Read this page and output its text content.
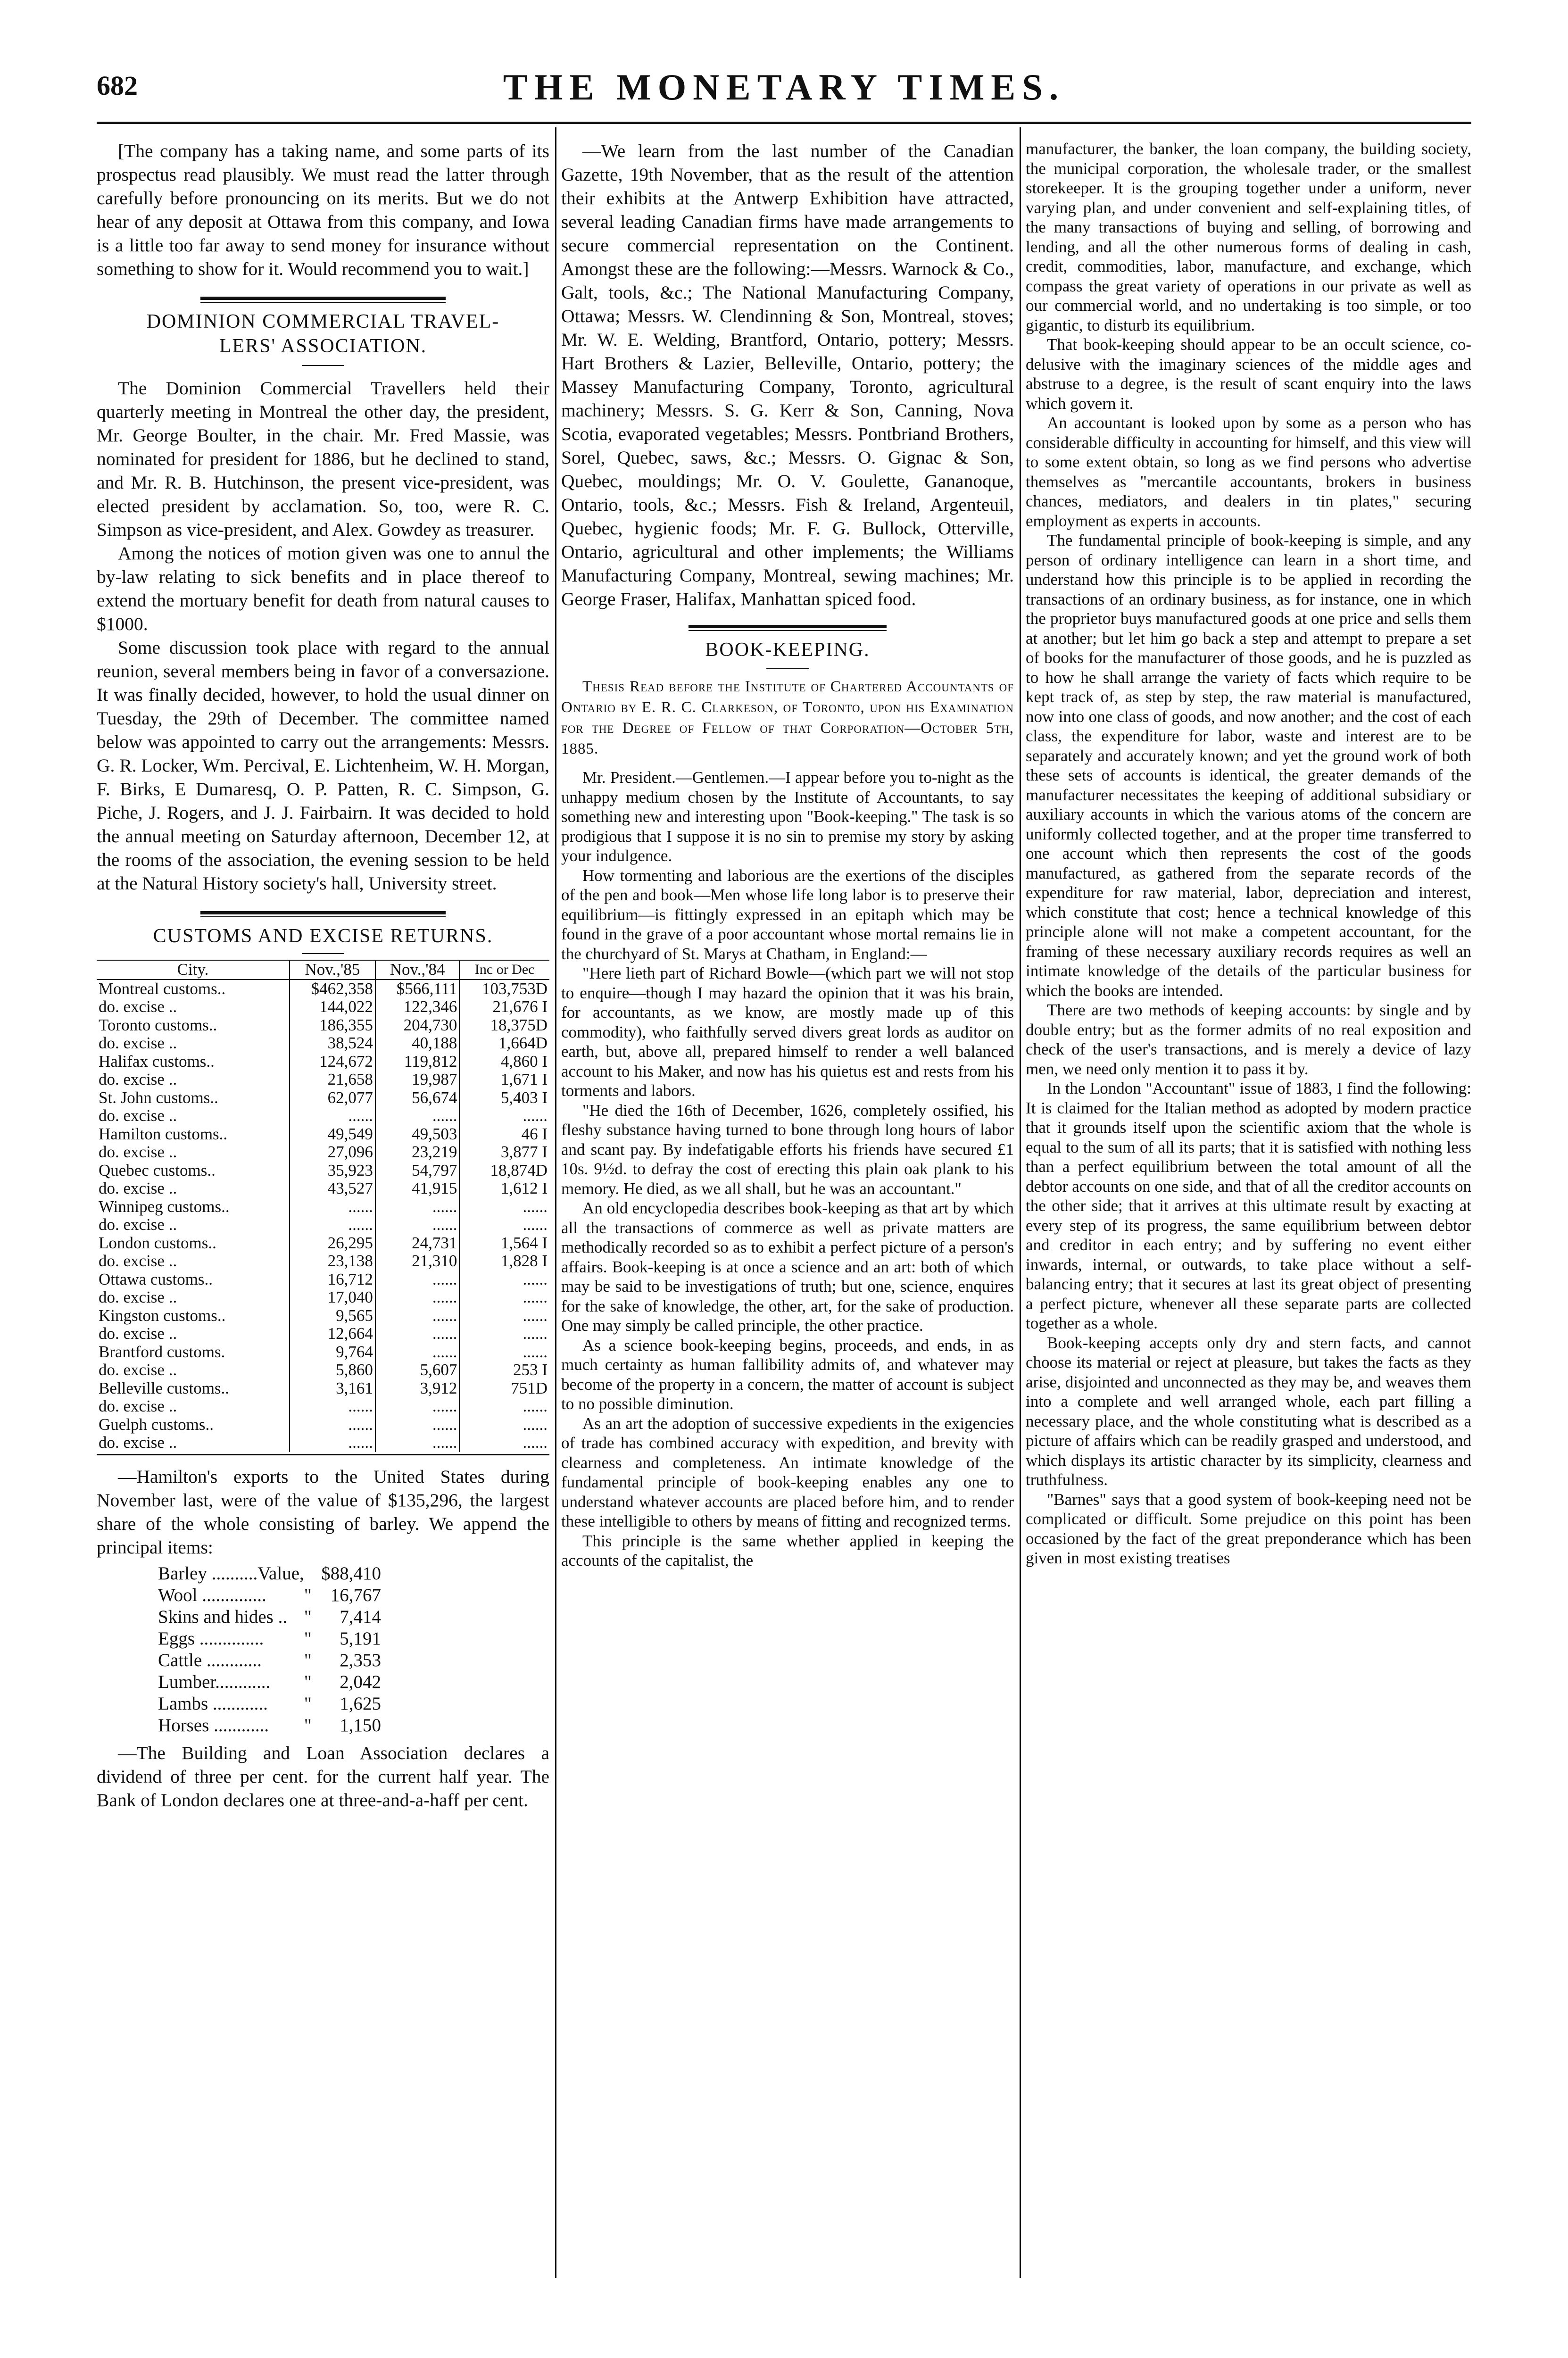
682	THE MONETARY TIMES.

[The company has a taking name, and some parts of its prospectus read plausibly. We must read the latter through carefully before pronouncing on its merits. But we do not hear of any deposit at Ottawa from this company, and Iowa is a little too far away to send money for insurance without something to show for it. Would recommend you to wait.]

DOMINION COMMERCIAL TRAVEL-
LERS' ASSOCIATION.

The Dominion Commercial Travellers held their quarterly meeting in Montreal the other day, the president, Mr. George Boulter, in the chair. Mr. Fred Massie, was nominated for president for 1886, but he declined to stand, and Mr. R. B. Hutchinson, the present vice-president, was elected president by acclamation. So, too, were R. C. Simpson as vice-president, and Alex. Gowdey as treasurer.

Among the notices of motion given was one to annul the by-law relating to sick benefits and in place thereof to extend the mortuary benefit for death from natural causes to $1000.

Some discussion took place with regard to the annual reunion, several members being in favor of a conversazione. It was finally decided, however, to hold the usual dinner on Tuesday, the 29th of December. The committee named below was appointed to carry out the arrangements: Messrs. G. R. Locker, Wm. Percival, E. Lichtenheim, W. H. Morgan, F. Birks, E Dumaresq, O. P. Patten, R. C. Simpson, G. Piche, J. Rogers, and J. J. Fairbairn. It was decided to hold the annual meeting on Saturday afternoon, December 12, at the rooms of the association, the evening session to be held at the Natural History society's hall, University street.

CUSTOMS AND EXCISE RETURNS.
City.	Nov.,'85	Nov.,'84	Inc or Dec
Montreal customs..	$462,358	$566,111	103,753D
do. excise ..	144,022	122,346	21,676 I
Toronto customs..	186,355	204,730	18,375D
do. excise ..	38,524	40,188	1,664D
Halifax customs..	124,672	119,812	4,860 I
do. excise ..	21,658	19,987	1,671 I
St. John customs..	62,077	56,674	5,403 I
do. excise ..	......	......	......
Hamilton customs..	49,549	49,503	46 I
do. excise ..	27,096	23,219	3,877 I
Quebec customs..	35,923	54,797	18,874D
do. excise ..	43,527	41,915	1,612 I
Winnipeg customs..	......	......	......
do. excise ..	......	......	......
London customs..	26,295	24,731	1,564 I
do. excise ..	23,138	21,310	1,828 I
Ottawa customs..	16,712	......	......
do. excise ..	17,040	......	......
Kingston customs..	9,565	......	......
do. excise ..	12,664	......	......
Brantford customs.	9,764	......	......
do. excise ..	5,860	5,607	253 I
Belleville customs..	3,161	3,912	751D
do. excise ..	......	......	......
Guelph customs..	......	......	......
do. excise ..	......	......	......

—Hamilton's exports to the United States during November last, were of the value of $135,296, the largest share of the whole consisting of barley. We append the principal items:

Barley ..........Value,	$88,410	
Wool ..............	"	16,767
Skins and hides ..	"	7,414
Eggs ..............	"	5,191
Cattle ............	"	2,353
Lumber............	"	2,042
Lambs ............	"	1,625
Horses ............	"	1,150

—The Building and Loan Association declares a dividend of three per cent. for the current half year. The Bank of London declares one at three-and-a-haff per cent.

—We learn from the last number of the Canadian Gazette, 19th November, that as the result of the attention their exhibits at the Antwerp Exhibition have attracted, several leading Canadian firms have made arrangements to secure commercial representation on the Continent. Amongst these are the following:—Messrs. Warnock & Co., Galt, tools, &c.; The National Manufacturing Company, Ottawa; Messrs. W. Clendinning & Son, Montreal, stoves; Mr. W. E. Welding, Brantford, Ontario, pottery; Messrs. Hart Brothers & Lazier, Belleville, Ontario, pottery; the Massey Manufacturing Company, Toronto, agricultural machinery; Messrs. S. G. Kerr & Son, Canning, Nova Scotia, evaporated vegetables; Messrs. Pontbriand Brothers, Sorel, Quebec, saws, &c.; Messrs. O. Gignac & Son, Quebec, mouldings; Mr. O. V. Goulette, Gananoque, Ontario, tools, &c.; Messrs. Fish & Ireland, Argenteuil, Quebec, hygienic foods; Mr. F. G. Bullock, Otterville, Ontario, agricultural and other implements; the Williams Manufacturing Company, Montreal, sewing machines; Mr. George Fraser, Halifax, Manhattan spiced food.

BOOK-KEEPING.

Thesis Read before the Institute of Chartered Accountants of Ontario by E. R. C. Clarkeson, of Toronto, upon his Examination for the Degree of Fellow of that Corporation—October 5th, 1885.

Mr. President.—Gentlemen.—I appear before you to-night as the unhappy medium chosen by the Institute of Accountants, to say something new and interesting upon "Book-keeping." The task is so prodigious that I suppose it is no sin to premise my story by asking your indulgence.

How tormenting and laborious are the exertions of the disciples of the pen and book—Men whose life long labor is to preserve their equilibrium—is fittingly expressed in an epitaph which may be found in the grave of a poor accountant whose mortal remains lie in the churchyard of St. Marys at Chatham, in England:—

"Here lieth part of Richard Bowle—(which part we will not stop to enquire—though I may hazard the opinion that it was his brain, for accountants, as we know, are mostly made up of this commodity), who faithfully served divers great lords as auditor on earth, but, above all, prepared himself to render a well balanced account to his Maker, and now has his quietus est and rests from his torments and labors.

"He died the 16th of December, 1626, completely ossified, his fleshy substance having turned to bone through long hours of labor and scant pay. By indefatigable efforts his friends have secured £1 10s. 9½d. to defray the cost of erecting this plain oak plank to his memory. He died, as we all shall, but he was an accountant."

An old encyclopedia describes book-keeping as that art by which all the transactions of commerce as well as private matters are methodically recorded so as to exhibit a perfect picture of a person's affairs. Book-keeping is at once a science and an art: both of which may be said to be investigations of truth; but one, science, enquires for the sake of knowledge, the other, art, for the sake of production. One may simply be called principle, the other practice.

As a science book-keeping begins, proceeds, and ends, in as much certainty as human fallibility admits of, and whatever may become of the property in a concern, the matter of account is subject to no possible diminution.

As an art the adoption of successive expedients in the exigencies of trade has combined accuracy with expedition, and brevity with clearness and completeness. An intimate knowledge of the fundamental principle of book-keeping enables any one to understand whatever accounts are placed before him, and to render these intelligible to others by means of fitting and recognized terms.

This principle is the same whether applied in keeping the accounts of the capitalist, the

manufacturer, the banker, the loan company, the building society, the municipal corporation, the wholesale trader, or the smallest storekeeper. It is the grouping together under a uniform, never varying plan, and under convenient and self-explaining titles, of the many transactions of buying and selling, of borrowing and lending, and all the other numerous forms of dealing in cash, credit, commodities, labor, manufacture, and exchange, which compass the great variety of operations in our private as well as our commercial world, and no undertaking is too simple, or too gigantic, to disturb its equilibrium.

That book-keeping should appear to be an occult science, co-delusive with the imaginary sciences of the middle ages and abstruse to a degree, is the result of scant enquiry into the laws which govern it.

An accountant is looked upon by some as a person who has considerable difficulty in accounting for himself, and this view will to some extent obtain, so long as we find persons who advertise themselves as "mercantile accountants, brokers in business chances, mediators, and dealers in tin plates," securing employment as experts in accounts.

The fundamental principle of book-keeping is simple, and any person of ordinary intelligence can learn in a short time, and understand how this principle is to be applied in recording the transactions of an ordinary business, as for instance, one in which the proprietor buys manufactured goods at one price and sells them at another; but let him go back a step and attempt to prepare a set of books for the manufacturer of those goods, and he is puzzled as to how he shall arrange the variety of facts which require to be kept track of, as step by step, the raw material is manufactured, now into one class of goods, and now another; and the cost of each class, the expenditure for labor, waste and interest are to be separately and accurately known; and yet the ground work of both these sets of accounts is identical, the greater demands of the manufacturer necessitates the keeping of additional subsidiary or auxiliary accounts in which the various atoms of the concern are uniformly collected together, and at the proper time transferred to one account which then represents the cost of the goods manufactured, as gathered from the separate records of the expenditure for raw material, labor, depreciation and interest, which constitute that cost; hence a technical knowledge of this principle alone will not make a competent accountant, for the framing of these necessary auxiliary records requires as well an intimate knowledge of the details of the particular business for which the books are intended.

There are two methods of keeping accounts: by single and by double entry; but as the former admits of no real exposition and check of the user's transactions, and is merely a device of lazy men, we need only mention it to pass it by.

In the London "Accountant" issue of 1883, I find the following: It is claimed for the Italian method as adopted by modern practice that it grounds itself upon the scientific axiom that the whole is equal to the sum of all its parts; that it is satisfied with nothing less than a perfect equilibrium between the total amount of all the debtor accounts on one side, and that of all the creditor accounts on the other side; that it arrives at this ultimate result by exacting at every step of its progress, the same equilibrium between debtor and creditor in each entry; and by suffering no event either inwards, internal, or outwards, to take place without a self-balancing entry; that it secures at last its great object of presenting a perfect picture, whenever all these separate parts are collected together as a whole.

Book-keeping accepts only dry and stern facts, and cannot choose its material or reject at pleasure, but takes the facts as they arise, disjointed and unconnected as they may be, and weaves them into a complete and well arranged whole, each part filling a necessary place, and the whole constituting what is described as a picture of affairs which can be readily grasped and understood, and which displays its artistic character by its simplicity, clearness and truthfulness.

"Barnes" says that a good system of book-keeping need not be complicated or difficult. Some prejudice on this point has been occasioned by the fact of the great preponderance which has been given in most existing treatises
